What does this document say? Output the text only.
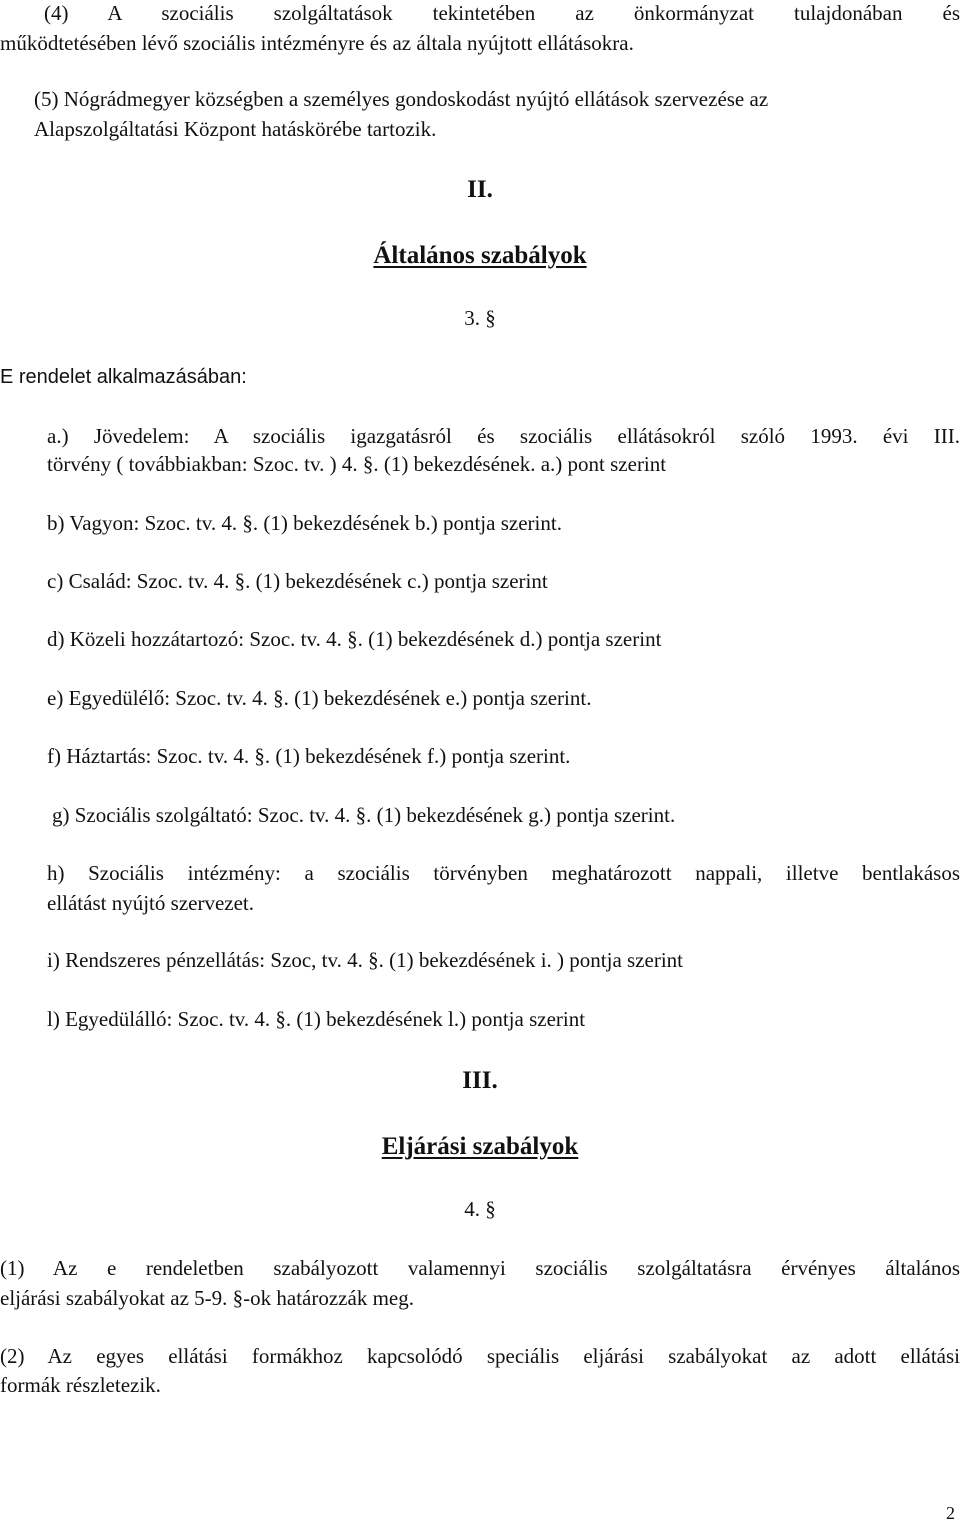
(4) A szociális szolgáltatások tekintetében az önkormányzat tulajdonában és
működtetésében lévő szociális intézményre és az általa nyújtott ellátásokra.
(5) Nógrádmegyer községben a személyes gondoskodást nyújtó ellátások szervezése az
Alapszolgáltatási Központ hatáskörébe tartozik.
II.
Általános szabályok
3. §
E rendelet alkalmazásában:
a.) Jövedelem: A szociális igazgatásról és szociális ellátásokról szóló 1993. évi III.
törvény ( továbbiakban: Szoc. tv. ) 4. §. (1) bekezdésének. a.) pont szerint
b) Vagyon: Szoc. tv. 4. §. (1) bekezdésének b.) pontja szerint.
c) Család: Szoc. tv. 4. §. (1) bekezdésének c.) pontja szerint
d) Közeli hozzátartozó: Szoc. tv. 4. §. (1) bekezdésének d.) pontja szerint
e) Egyedülélő: Szoc. tv. 4. §. (1) bekezdésének e.) pontja szerint.
f) Háztartás: Szoc. tv. 4. §. (1) bekezdésének f.) pontja szerint.
g) Szociális szolgáltató: Szoc. tv. 4. §. (1) bekezdésének g.) pontja szerint.
h) Szociális intézmény: a szociális törvényben meghatározott nappali, illetve bentlakásos
ellátást nyújtó szervezet.
i) Rendszeres pénzellátás: Szoc, tv. 4. §. (1) bekezdésének i. ) pontja szerint
l) Egyedülálló: Szoc. tv. 4. §. (1) bekezdésének l.) pontja szerint
III.
Eljárási szabályok
4. §
(1) Az e rendeletben szabályozott valamennyi szociális szolgáltatásra érvényes általános
eljárási szabályokat az 5-9. §-ok határozzák meg.
(2) Az egyes ellátási formákhoz kapcsolódó speciális eljárási szabályokat az adott ellátási
formák részletezik.
2
